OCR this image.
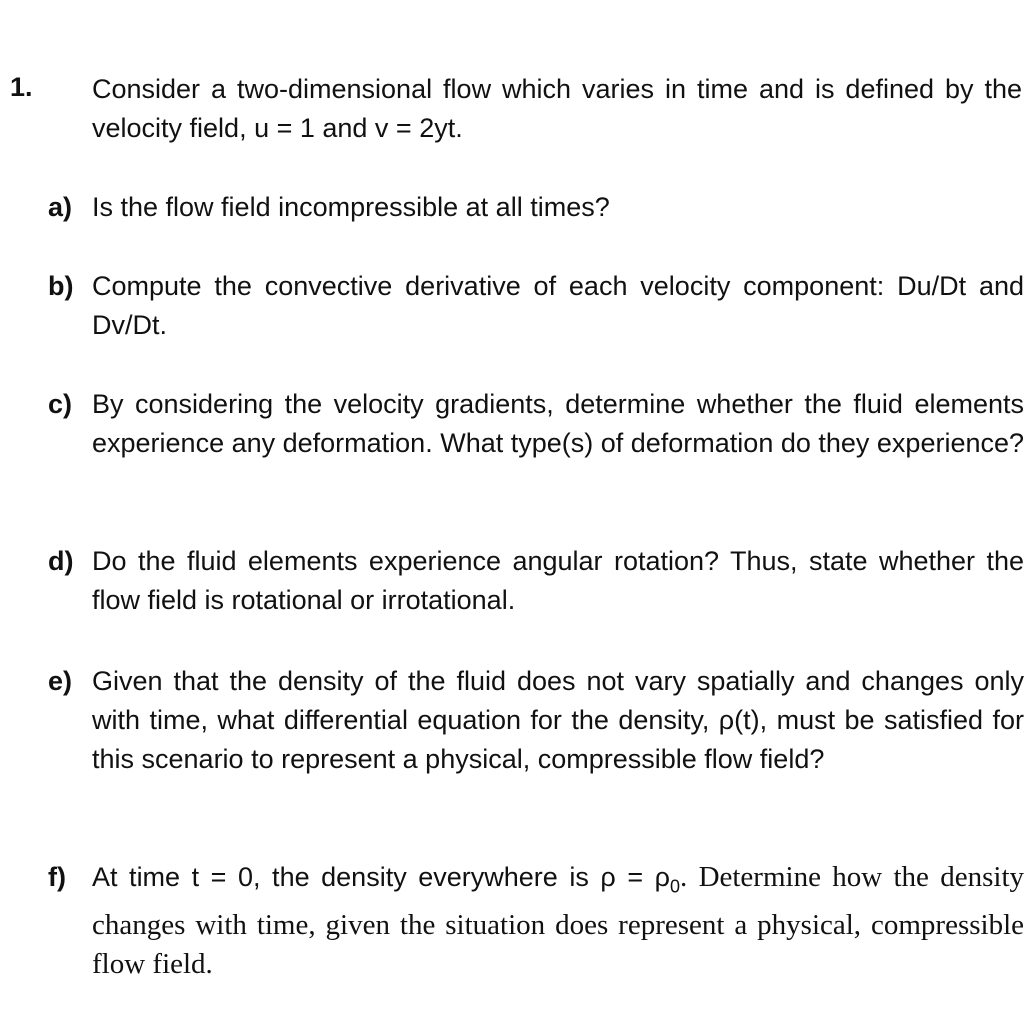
1. Consider a two-dimensional flow which varies in time and is defined by the velocity field, u = 1 and v = 2yt.
a) Is the flow field incompressible at all times?
b) Compute the convective derivative of each velocity component: Du/Dt and Dv/Dt.
c) By considering the velocity gradients, determine whether the fluid elements experience any deformation. What type(s) of deformation do they experience?
d) Do the fluid elements experience angular rotation? Thus, state whether the flow field is rotational or irrotational.
e) Given that the density of the fluid does not vary spatially and changes only with time, what differential equation for the density, ρ(t), must be satisfied for this scenario to represent a physical, compressible flow field?
f) At time t = 0, the density everywhere is $\rho = \rho_0$. Determine how the density changes with time, given the situation does represent a physical, compressible flow field.
